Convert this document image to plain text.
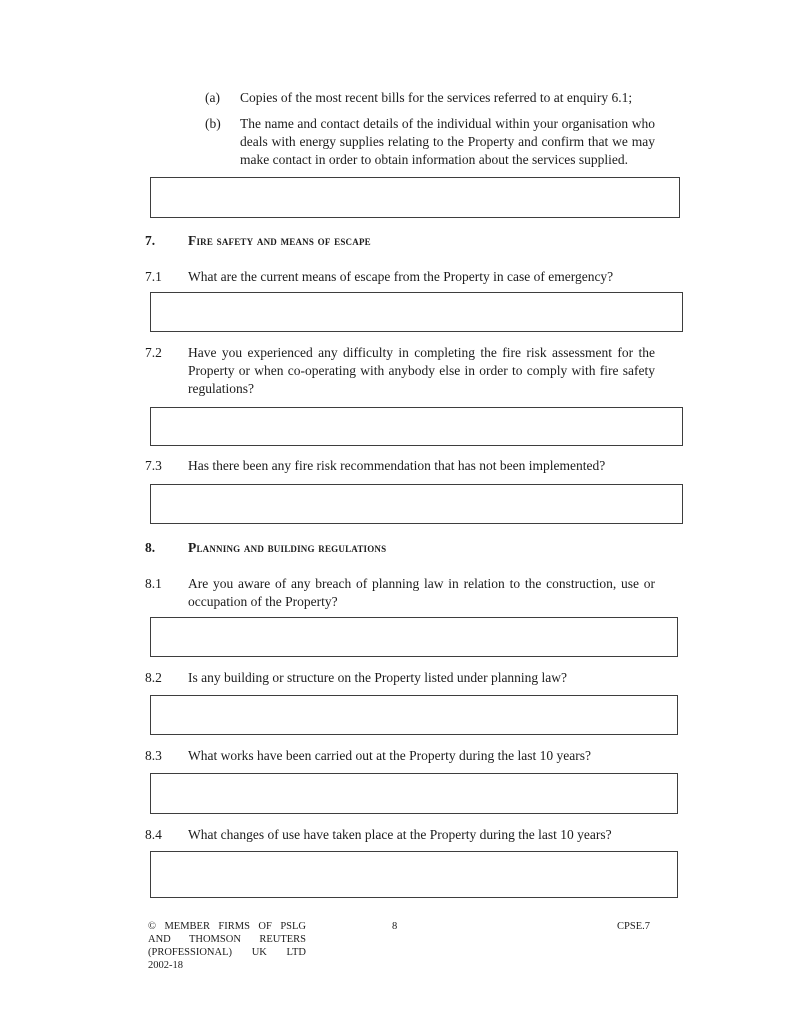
(a)	Copies of the most recent bills for the services referred to at enquiry 6.1;
(b)	The name and contact details of the individual within your organisation who deals with energy supplies relating to the Property and confirm that we may make contact in order to obtain information about the services supplied.
7.	Fire safety and means of escape
7.1	What are the current means of escape from the Property in case of emergency?
7.2	Have you experienced any difficulty in completing the fire risk assessment for the Property or when co-operating with anybody else in order to comply with fire safety regulations?
7.3	Has there been any fire risk recommendation that has not been implemented?
8.	Planning and building regulations
8.1	Are you aware of any breach of planning law in relation to the construction, use or occupation of the Property?
8.2	Is any building or structure on the Property listed under planning law?
8.3	What works have been carried out at the Property during the last 10 years?
8.4	What changes of use have taken place at the Property during the last 10 years?
© MEMBER FIRMS OF PSLG
AND THOMSON REUTERS
(PROFESSIONAL) UK LTD
2002-18
8	CPSE.7
